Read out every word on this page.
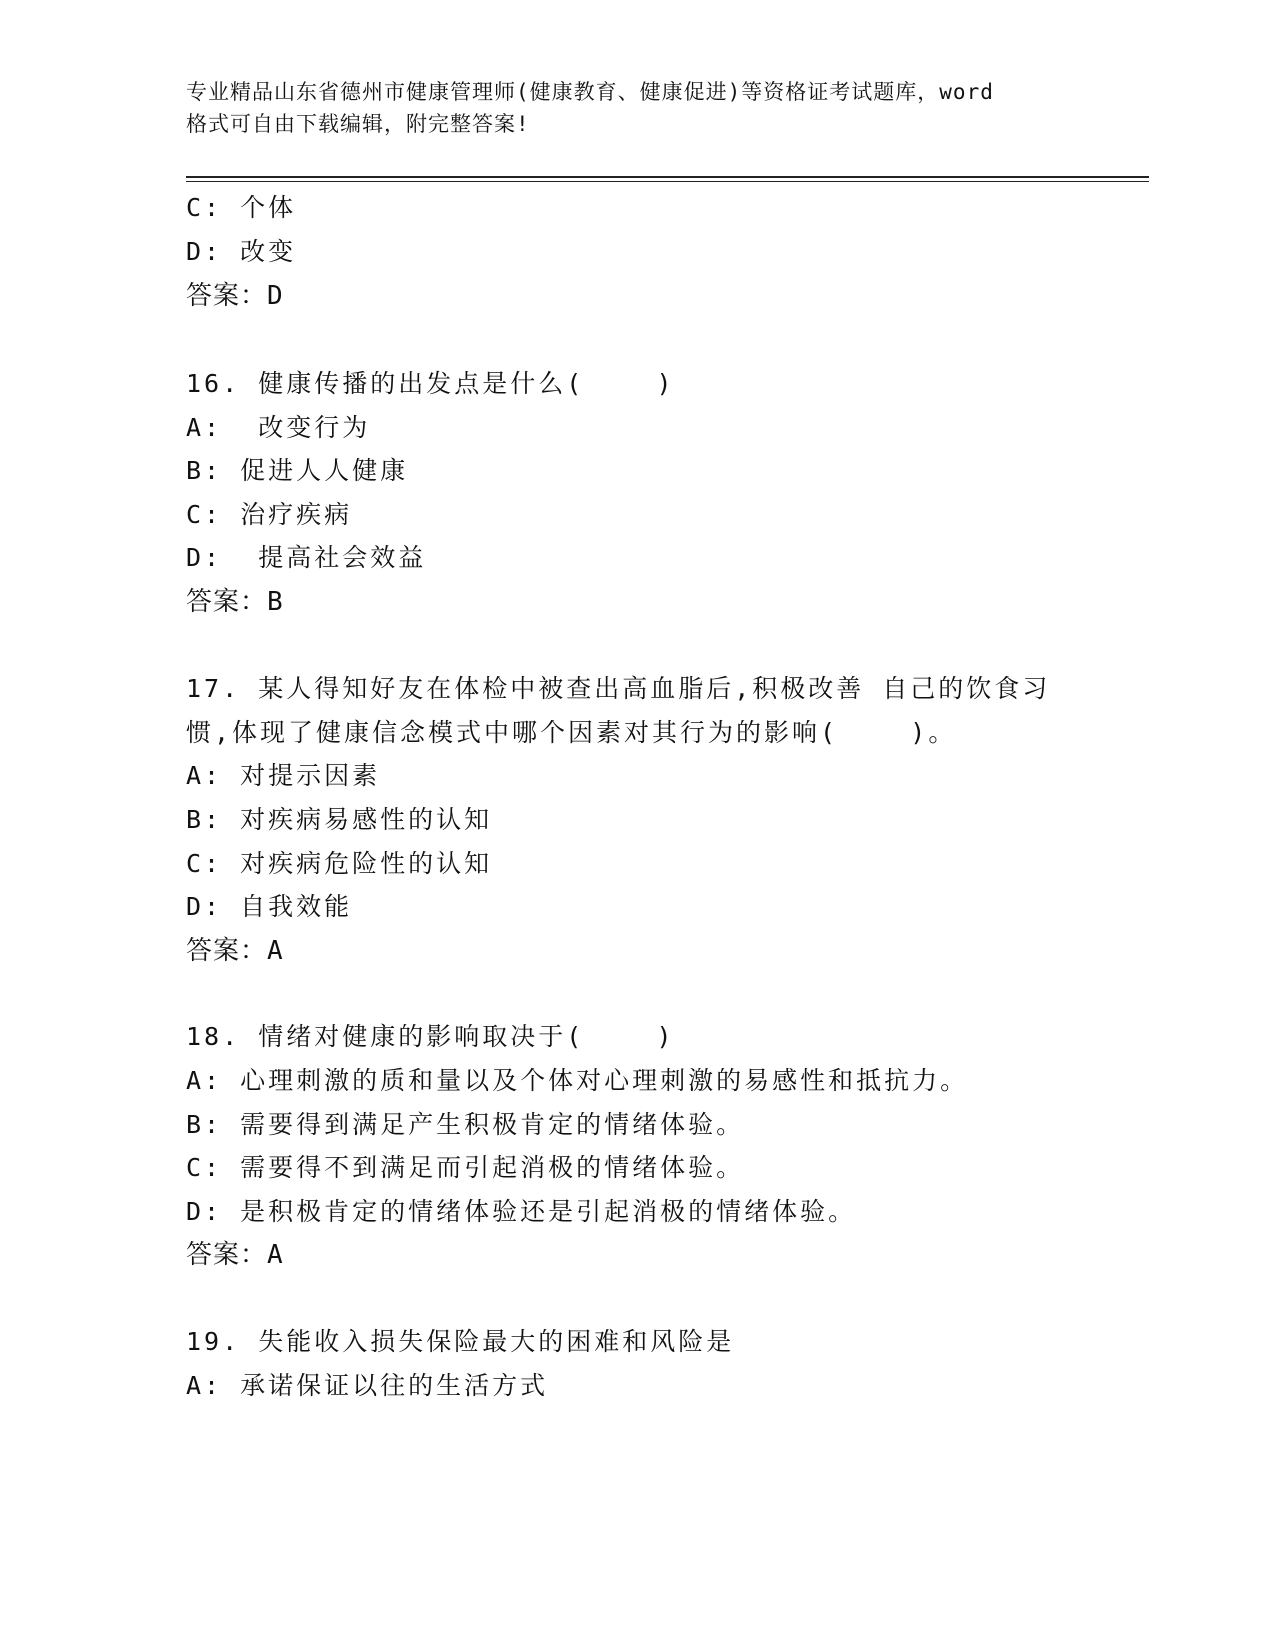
专业精品山东省德州市健康管理师(健康教育、健康促进)等资格证考试题库，word
格式可自由下载编辑，附完整答案!
C: 个体
D: 改变
答案：D
16. 健康传播的出发点是什么(    )
A:  改变行为
B: 促进人人健康
C: 治疗疾病
D:  提高社会效益
答案：B
17. 某人得知好友在体检中被查出高血脂后,积极改善 自己的饮食习
惯,体现了健康信念模式中哪个因素对其行为的影响(    )。
A: 对提示因素
B: 对疾病易感性的认知
C: 对疾病危险性的认知
D: 自我效能
答案：A
18. 情绪对健康的影响取决于(    )
A: 心理刺激的质和量以及个体对心理刺激的易感性和抵抗力。
B: 需要得到满足产生积极肯定的情绪体验。
C: 需要得不到满足而引起消极的情绪体验。
D: 是积极肯定的情绪体验还是引起消极的情绪体验。
答案：A
19. 失能收入损失保险最大的困难和风险是
A: 承诺保证以往的生活方式
